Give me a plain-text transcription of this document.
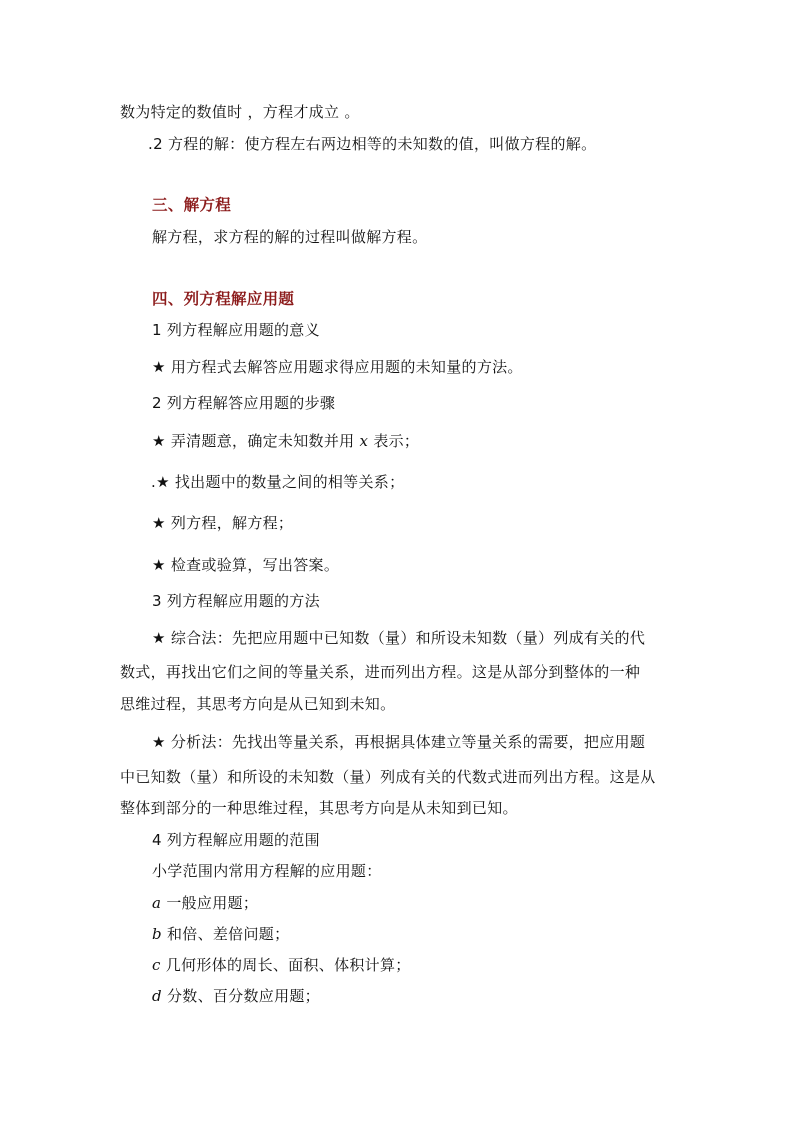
数为特定的数值时 ，方程才成立 。
.2 方程的解：使方程左右两边相等的未知数的值，叫做方程的解。
三、解方程
解方程，求方程的解的过程叫做解方程。
四、列方程解应用题
1 列方程解应用题的意义
★ 用方程式去解答应用题求得应用题的未知量的方法。
2 列方程解答应用题的步骤
★ 弄清题意，确定未知数并用 x 表示；
.★ 找出题中的数量之间的相等关系；
★ 列方程，解方程；
★ 检查或验算，写出答案。
3 列方程解应用题的方法
★ 综合法：先把应用题中已知数（量）和所设未知数（量）列成有关的代
数式，再找出它们之间的等量关系，进而列出方程。这是从部分到整体的一种
思维过程，其思考方向是从已知到未知。
★ 分析法：先找出等量关系，再根据具体建立等量关系的需要，把应用题
中已知数（量）和所设的未知数（量）列成有关的代数式进而列出方程。这是从
整体到部分的一种思维过程，其思考方向是从未知到已知。
4 列方程解应用题的范围
小学范围内常用方程解的应用题：
a 一般应用题；
b 和倍、差倍问题；
c 几何形体的周长、面积、体积计算；
d 分数、百分数应用题；
